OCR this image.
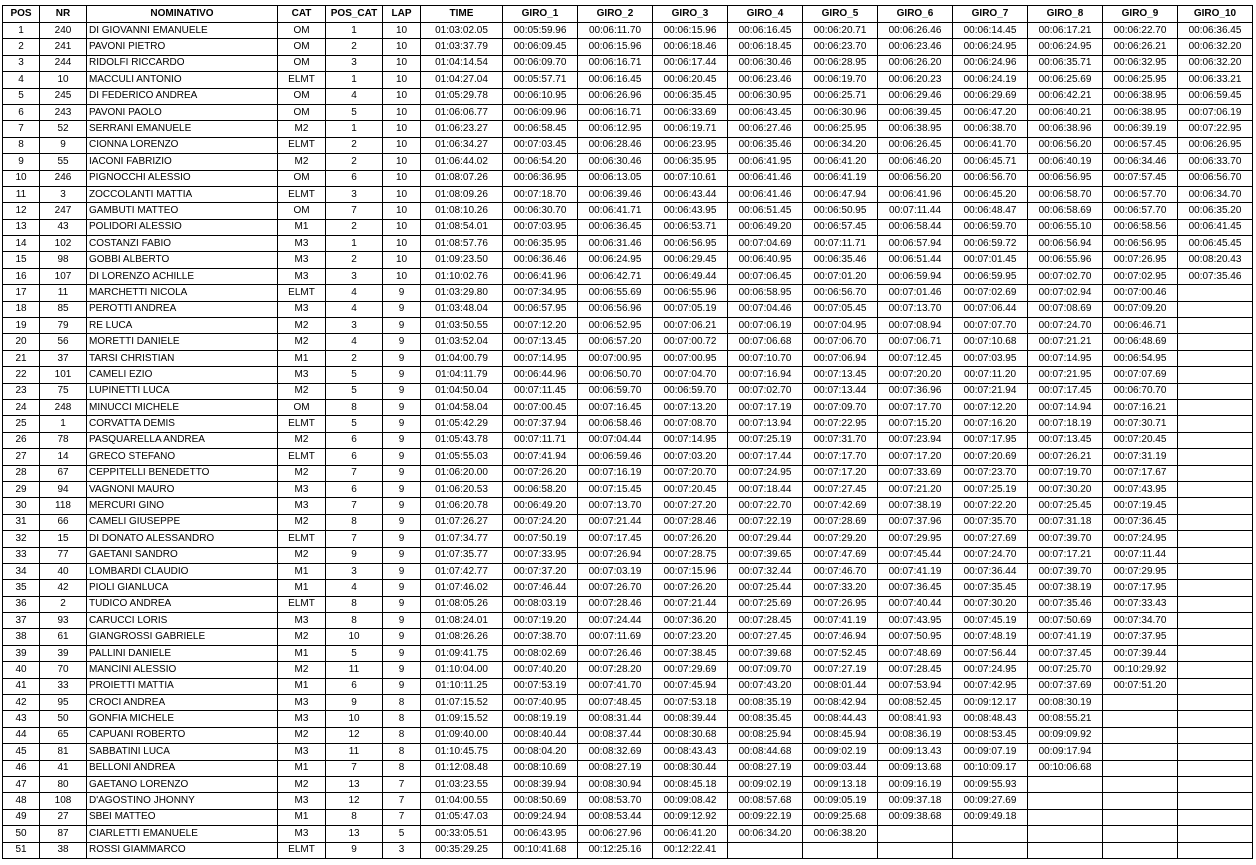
POS	NR	NOMINATIVO	CAT	POS_CAT	LAP	TIME	GIRO_1	GIRO_2	GIRO_3	GIRO_4	GIRO_5	GIRO_6	GIRO_7	GIRO_8	GIRO_9	GIRO_10
1	240	DI GIOVANNI EMANUELE	OM	1	10	01:03:02.05	00:05:59.96	00:06:11.70	00:06:15.96	00:06:16.45	00:06:20.71	00:06:26.46	00:06:14.45	00:06:17.21	00:06:22.70	00:06:36.45
2	241	PAVONI PIETRO	OM	2	10	01:03:37.79	00:06:09.45	00:06:15.96	00:06:18.46	00:06:18.45	00:06:23.70	00:06:23.46	00:06:24.95	00:06:24.95	00:06:26.21	00:06:32.20
3	244	RIDOLFI RICCARDO	OM	3	10	01:04:14.54	00:06:09.70	00:06:16.71	00:06:17.44	00:06:30.46	00:06:28.95	00:06:26.20	00:06:24.96	00:06:35.71	00:06:32.95	00:06:32.20
4	10	MACCULI ANTONIO	ELMT	1	10	01:04:27.04	00:05:57.71	00:06:16.45	00:06:20.45	00:06:23.46	00:06:19.70	00:06:20.23	00:06:24.19	00:06:25.69	00:06:25.95	00:06:33.21
5	245	DI FEDERICO ANDREA	OM	4	10	01:05:29.78	00:06:10.95	00:06:26.96	00:06:35.45	00:06:30.95	00:06:25.71	00:06:29.46	00:06:29.69	00:06:42.21	00:06:38.95	00:06:59.45
6	243	PAVONI PAOLO	OM	5	10	01:06:06.77	00:06:09.96	00:06:16.71	00:06:33.69	00:06:43.45	00:06:30.96	00:06:39.45	00:06:47.20	00:06:40.21	00:06:38.95	00:07:06.19
7	52	SERRANI EMANUELE	M2	1	10	01:06:23.27	00:06:58.45	00:06:12.95	00:06:19.71	00:06:27.46	00:06:25.95	00:06:38.95	00:06:38.70	00:06:38.96	00:06:39.19	00:07:22.95
8	9	CIONNA LORENZO	ELMT	2	10	01:06:34.27	00:07:03.45	00:06:28.46	00:06:23.95	00:06:35.46	00:06:34.20	00:06:26.45	00:06:41.70	00:06:56.20	00:06:57.45	00:06:26.95
9	55	IACONI FABRIZIO	M2	2	10	01:06:44.02	00:06:54.20	00:06:30.46	00:06:35.95	00:06:41.95	00:06:41.20	00:06:46.20	00:06:45.71	00:06:40.19	00:06:34.46	00:06:33.70
10	246	PIGNOCCHI ALESSIO	OM	6	10	01:08:07.26	00:06:36.95	00:06:13.05	00:07:10.61	00:06:41.46	00:06:41.19	00:06:56.20	00:06:56.70	00:06:56.95	00:07:57.45	00:06:56.70
11	3	ZOCCOLANTI MATTIA	ELMT	3	10	01:08:09.26	00:07:18.70	00:06:39.46	00:06:43.44	00:06:41.46	00:06:47.94	00:06:41.96	00:06:45.20	00:06:58.70	00:06:57.70	00:06:34.70
12	247	GAMBUTI MATTEO	OM	7	10	01:08:10.26	00:06:30.70	00:06:41.71	00:06:43.95	00:06:51.45	00:06:50.95	00:07:11.44	00:06:48.47	00:06:58.69	00:06:57.70	00:06:35.20
13	43	POLIDORI ALESSIO	M1	2	10	01:08:54.01	00:07:03.95	00:06:36.45	00:06:53.71	00:06:49.20	00:06:57.45	00:06:58.44	00:06:59.70	00:06:55.10	00:06:58.56	00:06:41.45
14	102	COSTANZI FABIO	M3	1	10	01:08:57.76	00:06:35.95	00:06:31.46	00:06:56.95	00:07:04.69	00:07:11.71	00:06:57.94	00:06:59.72	00:06:56.94	00:06:56.95	00:06:45.45
15	98	GOBBI ALBERTO	M3	2	10	01:09:23.50	00:06:36.46	00:06:24.95	00:06:29.45	00:06:40.95	00:06:35.46	00:06:51.44	00:07:01.45	00:06:55.96	00:07:26.95	00:08:20.43
16	107	DI LORENZO ACHILLE	M3	3	10	01:10:02.76	00:06:41.96	00:06:42.71	00:06:49.44	00:07:06.45	00:07:01.20	00:06:59.94	00:06:59.95	00:07:02.70	00:07:02.95	00:07:35.46
17	11	MARCHETTI NICOLA	ELMT	4	9	01:03:29.80	00:07:34.95	00:06:55.69	00:06:55.96	00:06:58.95	00:06:56.70	00:07:01.46	00:07:02.69	00:07:02.94	00:07:00.46	
18	85	PEROTTI ANDREA	M3	4	9	01:03:48.04	00:06:57.95	00:06:56.96	00:07:05.19	00:07:04.46	00:07:05.45	00:07:13.70	00:07:06.44	00:07:08.69	00:07:09.20	
19	79	RE LUCA	M2	3	9	01:03:50.55	00:07:12.20	00:06:52.95	00:07:06.21	00:07:06.19	00:07:04.95	00:07:08.94	00:07:07.70	00:07:24.70	00:06:46.71	
20	56	MORETTI DANIELE	M2	4	9	01:03:52.04	00:07:13.45	00:06:57.20	00:07:00.72	00:07:06.68	00:07:06.70	00:07:06.71	00:07:10.68	00:07:21.21	00:06:48.69	
21	37	TARSI CHRISTIAN	M1	2	9	01:04:00.79	00:07:14.95	00:07:00.95	00:07:00.95	00:07:10.70	00:07:06.94	00:07:12.45	00:07:03.95	00:07:14.95	00:06:54.95	
22	101	CAMELI EZIO	M3	5	9	01:04:11.79	00:06:44.96	00:06:50.70	00:07:04.70	00:07:16.94	00:07:13.45	00:07:20.20	00:07:11.20	00:07:21.95	00:07:07.69	
23	75	LUPINETTI LUCA	M2	5	9	01:04:50.04	00:07:11.45	00:06:59.70	00:06:59.70	00:07:02.70	00:07:13.44	00:07:36.96	00:07:21.94	00:07:17.45	00:06:70.70	
24	248	MINUCCI MICHELE	OM	8	9	01:04:58.04	00:07:00.45	00:07:16.45	00:07:13.20	00:07:17.19	00:07:09.70	00:07:17.70	00:07:12.20	00:07:14.94	00:07:16.21	
25	1	CORVATTA DEMIS	ELMT	5	9	01:05:42.29	00:07:37.94	00:06:58.46	00:07:08.70	00:07:13.94	00:07:22.95	00:07:15.20	00:07:16.20	00:07:18.19	00:07:30.71	
26	78	PASQUARELLA ANDREA	M2	6	9	01:05:43.78	00:07:11.71	00:07:04.44	00:07:14.95	00:07:25.19	00:07:31.70	00:07:23.94	00:07:17.95	00:07:13.45	00:07:20.45	
27	14	GRECO STEFANO	ELMT	6	9	01:05:55.03	00:07:41.94	00:06:59.46	00:07:03.20	00:07:17.44	00:07:17.70	00:07:17.20	00:07:20.69	00:07:26.21	00:07:31.19	
28	67	CEPPITELLI BENEDETTO	M2	7	9	01:06:20.00	00:07:26.20	00:07:16.19	00:07:20.70	00:07:24.95	00:07:17.20	00:07:33.69	00:07:23.70	00:07:19.70	00:07:17.67	
29	94	VAGNONI MAURO	M3	6	9	01:06:20.53	00:06:58.20	00:07:15.45	00:07:20.45	00:07:18.44	00:07:27.45	00:07:21.20	00:07:25.19	00:07:30.20	00:07:43.95	
30	118	MERCURI GINO	M3	7	9	01:06:20.78	00:06:49.20	00:07:13.70	00:07:27.20	00:07:22.70	00:07:42.69	00:07:38.19	00:07:22.20	00:07:25.45	00:07:19.45	
31	66	CAMELI GIUSEPPE	M2	8	9	01:07:26.27	00:07:24.20	00:07:21.44	00:07:28.46	00:07:22.19	00:07:28.69	00:07:37.96	00:07:35.70	00:07:31.18	00:07:36.45	
32	15	DI DONATO ALESSANDRO	ELMT	7	9	01:07:34.77	00:07:50.19	00:07:17.45	00:07:26.20	00:07:29.44	00:07:29.20	00:07:29.95	00:07:27.69	00:07:39.70	00:07:24.95	
33	77	GAETANI SANDRO	M2	9	9	01:07:35.77	00:07:33.95	00:07:26.94	00:07:28.75	00:07:39.65	00:07:47.69	00:07:45.44	00:07:24.70	00:07:17.21	00:07:11.44	
34	40	LOMBARDI CLAUDIO	M1	3	9	01:07:42.77	00:07:37.20	00:07:03.19	00:07:15.96	00:07:32.44	00:07:46.70	00:07:41.19	00:07:36.44	00:07:39.70	00:07:29.95	
35	42	PIOLI GIANLUCA	M1	4	9	01:07:46.02	00:07:46.44	00:07:26.70	00:07:26.20	00:07:25.44	00:07:33.20	00:07:36.45	00:07:35.45	00:07:38.19	00:07:17.95	
36	2	TUDICO ANDREA	ELMT	8	9	01:08:05.26	00:08:03.19	00:07:28.46	00:07:21.44	00:07:25.69	00:07:26.95	00:07:40.44	00:07:30.20	00:07:35.46	00:07:33.43	
37	93	CARUCCI LORIS	M3	8	9	01:08:24.01	00:07:19.20	00:07:24.44	00:07:36.20	00:07:28.45	00:07:41.19	00:07:43.95	00:07:45.19	00:07:50.69	00:07:34.70	
38	61	GIANGROSSI GABRIELE	M2	10	9	01:08:26.26	00:07:38.70	00:07:11.69	00:07:23.20	00:07:27.45	00:07:46.94	00:07:50.95	00:07:48.19	00:07:41.19	00:07:37.95	
39	39	PALLINI DANIELE	M1	5	9	01:09:41.75	00:08:02.69	00:07:26.46	00:07:38.45	00:07:39.68	00:07:52.45	00:07:48.69	00:07:56.44	00:07:37.45	00:07:39.44	
40	70	MANCINI ALESSIO	M2	11	9	01:10:04.00	00:07:40.20	00:07:28.20	00:07:29.69	00:07:09.70	00:07:27.19	00:07:28.45	00:07:24.95	00:07:25.70	00:10:29.92	
41	33	PROIETTI MATTIA	M1	6	9	01:10:11.25	00:07:53.19	00:07:41.70	00:07:45.94	00:07:43.20	00:08:01.44	00:07:53.94	00:07:42.95	00:07:37.69	00:07:51.20	
42	95	CROCI ANDREA	M3	9	8	01:07:15.52	00:07:40.95	00:07:48.45	00:07:53.18	00:08:35.19	00:08:42.94	00:08:52.45	00:09:12.17	00:08:30.19		
43	50	GONFIA MICHELE	M3	10	8	01:09:15.52	00:08:19.19	00:08:31.44	00:08:39.44	00:08:35.45	00:08:44.43	00:08:41.93	00:08:48.43	00:08:55.21		
44	65	CAPUANI ROBERTO	M2	12	8	01:09:40.00	00:08:40.44	00:08:37.44	00:08:30.68	00:08:25.94	00:08:45.94	00:08:36.19	00:08:53.45	00:09:09.92		
45	81	SABBATINI LUCA	M3	11	8	01:10:45.75	00:08:04.20	00:08:32.69	00:08:43.43	00:08:44.68	00:09:02.19	00:09:13.43	00:09:07.19	00:09:17.94		
46	41	BELLONI ANDREA	M1	7	8	01:12:08.48	00:08:10.69	00:08:27.19	00:08:30.44	00:08:27.19	00:09:03.44	00:09:13.68	00:10:09.17	00:10:06.68		
47	80	GAETANO LORENZO	M2	13	7	01:03:23.55	00:08:39.94	00:08:30.94	00:08:45.18	00:09:02.19	00:09:13.18	00:09:16.19	00:09:55.93			
48	108	D'AGOSTINO JHONNY	M3	12	7	01:04:00.55	00:08:50.69	00:08:53.70	00:09:08.42	00:08:57.68	00:09:05.19	00:09:37.18	00:09:27.69			
49	27	SBEI MATTEO	M1	8	7	01:05:47.03	00:09:24.94	00:08:53.44	00:09:12.92	00:09:22.19	00:09:25.68	00:09:38.68	00:09:49.18			
50	87	CIARLETTI EMANUELE	M3	13	5	00:33:05.51	00:06:43.95	00:06:27.96	00:06:41.20	00:06:34.20	00:06:38.20					
51	38	ROSSI GIAMMARCO	ELMT	9	3	00:35:29.25	00:10:41.68	00:12:25.16	00:12:22.41							
